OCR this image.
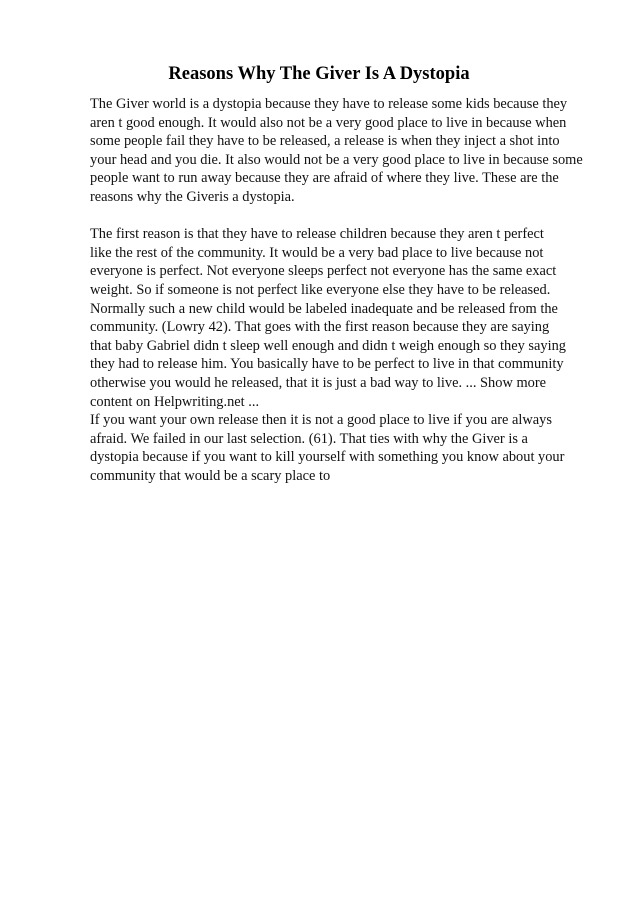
Reasons Why The Giver Is A Dystopia

The Giver world is a dystopia because they have to release some kids because they
aren t good enough. It would also not be a very good place to live in because when
some people fail they have to be released, a release is when they inject a shot into
your head and you die. It also would not be a very good place to live in because some
people want to run away because they are afraid of where they live. These are the
reasons why the Giveris a dystopia.

The first reason is that they have to release children because they aren t perfect
like the rest of the community. It would be a very bad place to live because not
everyone is perfect. Not everyone sleeps perfect not everyone has the same exact
weight. So if someone is not perfect like everyone else they have to be released.
Normally such a new child would be labeled inadequate and be released from the
community. (Lowry 42). That goes with the first reason because they are saying
that baby Gabriel didn t sleep well enough and didn t weigh enough so they saying
they had to release him. You basically have to be perfect to live in that community
otherwise you would he released, that it is just a bad way to live. ... Show more
content on Helpwriting.net ...

If you want your own release then it is not a good place to live if you are always
afraid. We failed in our last selection. (61). That ties with why the Giver is a
dystopia because if you want to kill yourself with something you know about your
community that would be a scary place to
